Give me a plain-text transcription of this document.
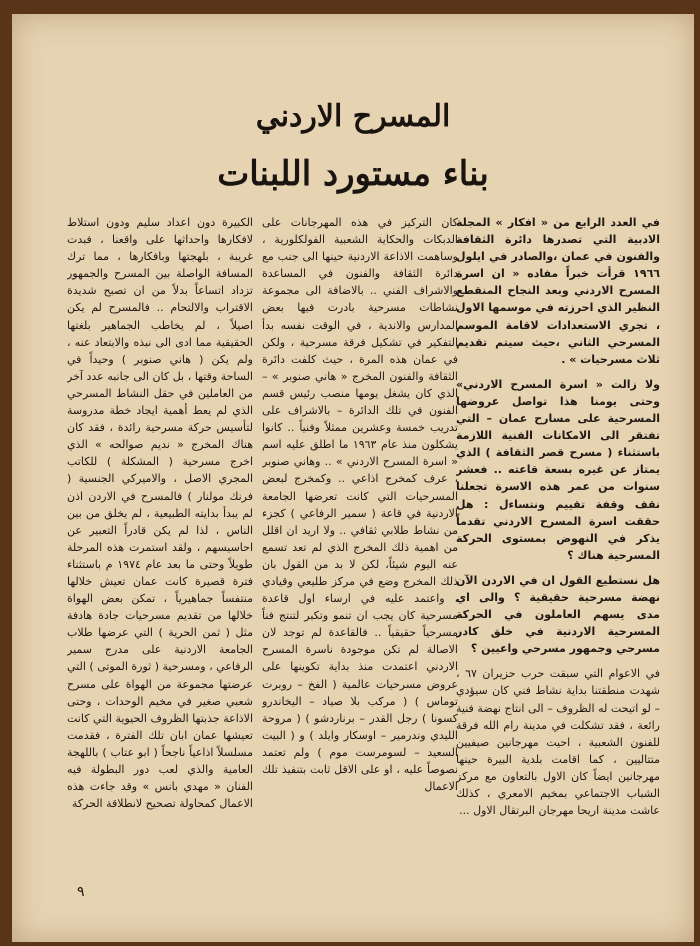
المسرح الاردني
بناء مستورد اللبنات

في العدد الرابع من « افكار » المجلة الادبية التي تصدرها دائرة الثقافة والفنون في عمان ،والصادر في ايلول ١٩٦٦ قرأت خبراً مفاده « ان اسرة المسرح الاردني وبعد النجاح المنقطع النظير الذي احرزته في موسمها الاول ، تجري الاستعدادات لاقامة الموسم المسرحي الثاني ،حيث سيتم تقديم ثلاث مسرحيات » .

ولا زالت « اسرة المسرح الاردني» وحتى يومنا هذا تواصل عروضها المسرحية على مسارح عمان – التي تفتقر الى الامكانات الفنية اللازمة باستثناء ( مسرح قصر الثقافة ) الذي يمتاز عن غيره بسعة قاعته .. فعشر سنوات من عمر هذه الاسرة تجعلنا نقف وقفة تقييم ونتساءل : هل حققت اسرة المسرح الاردني تقدماً يذكر في النهوض بمستوى الحركة المسرحية هناك ؟

هل نستطيع القول ان في الاردن الآن نهضة مسرحية حقيقية ؟ والى اي مدى يسهم العاملون في الحركة المسرحية الاردنية في خلق كادر مسرحي وجمهور مسرحي واعيين ؟

في الاعوام التي سبقت حرب حزيران ٦٧ ، شهدت منطقتنا بداية نشاط فني كان سيؤدي – لو اتيحت له الظروف – الى انتاج نهضة فنية رائعة ، فقد تشكلت في مدينة رام الله فرقة للفنون الشعبية ، احيت مهرجانين صيفيين متتاليين ، كما اقامت بلدية البيرة حينها مهرجانين ايضاً كان الاول بالتعاون مع مركز الشباب الاجتماعي بمخيم الامعري ، كذلك عاشت مدينة اريحا مهرجان البرتقال الاول ...

كان التركيز في هذه المهرجانات على الدبكات والحكاية الشعبية الفولكلورية ، وساهمت الاذاعة الاردنية حينها الى جنب مع دائرة الثقافة والفنون في المساعدة والاشراف الفني .. بالاضافة الى مجموعة نشاطات مسرحية بادرت فيها بعض المدارس والاندية ، في الوقت نفسه بدأ التفكير في تشكيل فرقة مسرحية ، ولكن في عمان هذه المرة ، حيث كلفت دائرة الثقافة والفنون المخرج « هاني صنوبر » – الذي كان يشغل يومها منصب رئيس قسم الفنون في تلك الدائرة – بالاشراف على تدريب خمسة وعشرين ممثلاً وفنياً .. كانوا يشكلون منذ عام ١٩٦٣ ما اطلق عليه اسم « اسرة المسرح الاردني » .. وهاني صنوبر ، عرف كمخرج اذاعي .. وكمخرج لبعض المسرحيات التي كانت تعرضها الجامعة الاردنية في قاعة ( سمير الرفاعي ) كجزء من نشاط طلابي ثقافي .. ولا اريد ان اقلل من اهمية ذلك المخرج الذي لم تعد تسمع عنه اليوم شيئاً، لكن لا بد من القول بان ذلك المخرج وضع في مركز طليعي وقيادي ، واعتمد عليه في ارساء اول قاعدة مسرحية كان يجب ان تنمو وتكبر لتنتج فناً مسرحياً حقيقياً .. فالقاعدة لم توجد لان الاصالة لم تكن موجودة ناسرة المسرح الاردني اعتمدت منذ بداية تكوينها على عروض مسرحيات عالمية ( الفخ – روبرت توماس ) ( مركب بلا صياد – اليخاندرو كسونا ) رجل القدر – برناردشو ) ( مروحة الليدي وندرمير – اوسكار وايلد ) و ( البيت السعيد – لسومرست موم ) ولم تعتمد نصوصاً عليه ، او على الاقل ثابت بتنفيذ تلك الاعمال

الكبيرة دون اعداد سليم ودون استلاط لافكارها واحداثها على واقعنا ، فبدت غريبة ، بلهجتها وبافكارها ، مما ترك المسافة الواصلة بين المسرح والجمهور تزداد اتساعاً بدلاً من ان تصبح شديدة الاقتراب والالتحام .. فالمسرح لم يكن اصيلاً ، لم يخاطب الجماهير بلغتها الحقيقية مما ادى الى نبذه والابتعاد عنه ، ولم يكن ( هاني صنوبر ) وحيداً في الساحة وقتها ، بل كان الى جانبه عدد آخر من العاملين في حقل النشاط المسرحي الذي لم يعط أهمية ايجاد خطة مدروسة لتأسيس حركة مسرحية رائدة ، فقد كان هناك المخرج « نديم صوالحه » الذي اخرج مسرحية ( المشكلة ) للكاتب المجري الاصل ، والاميركي الجنسية ( فرنك مولنار ) فالمسرح في الاردن اذن لم يبدأ بدايته الطبيعية ، لم يخلق من بين الناس ، لذا لم يكن قادراً التعبير عن احاسيسهم ، ولقد استمرت هذه المرحلة طويلاً وحتى ما بعد عام ١٩٧٤ م باستثناء فترة قصيرة كانت عمان تعيش خلالها منتفساً جماهيرياً ، تمكن بعض الهواة خلالها من تقديم مسرحيات جادة هادفة مثل ( ثمن الحرية ) التي عرضها طلاب الجامعة الاردنية على مدرج سمير الرفاعي ، ومسرحية ( ثورة الموتى ) التي عرضتها مجموعة من الهواة على مسرح شعبي صغير في مخيم الوحدات ، وحتى الاذاعة جذبتها الظروف الحيوية التي كانت تعيشها عمان ابان تلك الفترة ، فقدمت مسلسلاً اذاعياً ناجحاً ( ابو عتاب ) باللهجة العامية والذي لعب دور البطولة فيه الفنان « مهدي بانس » وقد جاءت هذه الاعمال كمحاولة تصحيح لانطلاقة الحركة

٩
